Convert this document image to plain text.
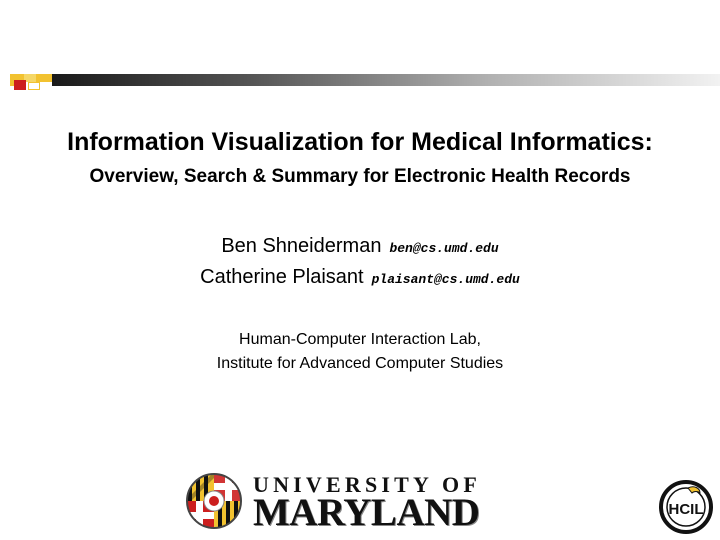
Information Visualization for Medical Informatics:
Overview, Search & Summary for Electronic Health Records
Ben Shneiderman ben@cs.umd.edu
Catherine Plaisant plaisant@cs.umd.edu
Human-Computer Interaction Lab,
Institute for Advanced Computer Studies
UNIVERSITY OF
MARYLAND	HCIL
